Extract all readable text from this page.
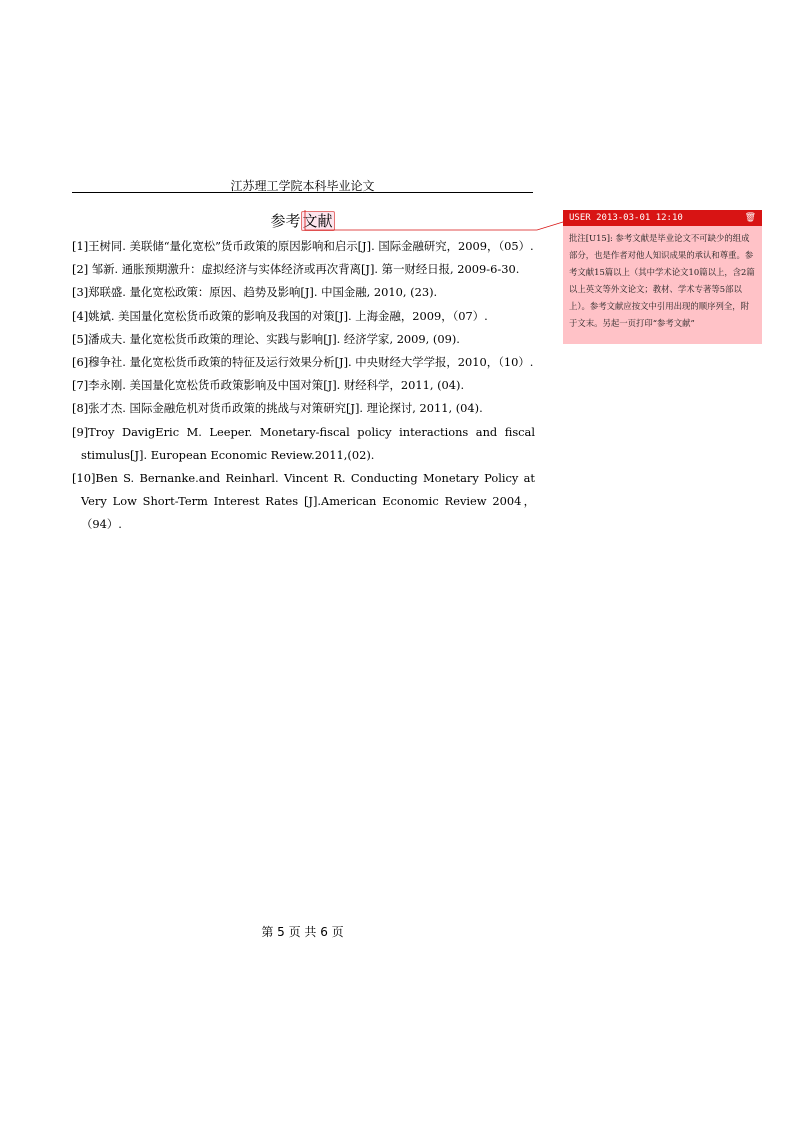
江苏理工学院本科毕业论文
参考 文献

[1]王树同. 美联储“量化宽松”货币政策的原因影响和启示[J]. 国际金融研究，2009，（05）.

[2] 邹新. 通胀预期激升：虚拟经济与实体经济或再次背离[J]. 第一财经日报, 2009-6-30.

[3]郑联盛. 量化宽松政策：原因、趋势及影响[J]. 中国金融, 2010, (23).

[4]姚斌. 美国量化宽松货币政策的影响及我国的对策[J]. 上海金融，2009，（07）.

[5]潘成夫. 量化宽松货币政策的理论、实践与影响[J]. 经济学家, 2009, (09).

[6]穆争社. 量化宽松货币政策的特征及运行效果分析[J]. 中央财经大学学报，2010，（10）.

[7]李永刚. 美国量化宽松货币政策影响及中国对策[J]. 财经科学，2011, (04).

[8]张才杰. 国际金融危机对货币政策的挑战与对策研究[J]. 理论探讨, 2011, (04).

[9]Troy DavigEric M. Leeper. Monetary-fiscal policy interactions and fiscal stimulus[J]. European Economic Review.2011,(02).

[10]Ben S. Bernanke.and Reinharl. Vincent R. Conducting Monetary Policy at Very Low Short-Term Interest Rates [J].American Economic Review 2004，（94）.

USER 2013-03-01 12:10	🗑
批注[U15]: 参考文献是毕业论文不可缺少的组成部分，也是作者对他人知识成果的承认和尊重。参考文献15篇以上（其中学术论文10篇以上，含2篇以上英文等外文论文；教材、学术专著等5部以上）。参考文献应按文中引用出现的顺序列全，附于文末。另起一页打印“参考文献”
第 5 页 共 6 页
